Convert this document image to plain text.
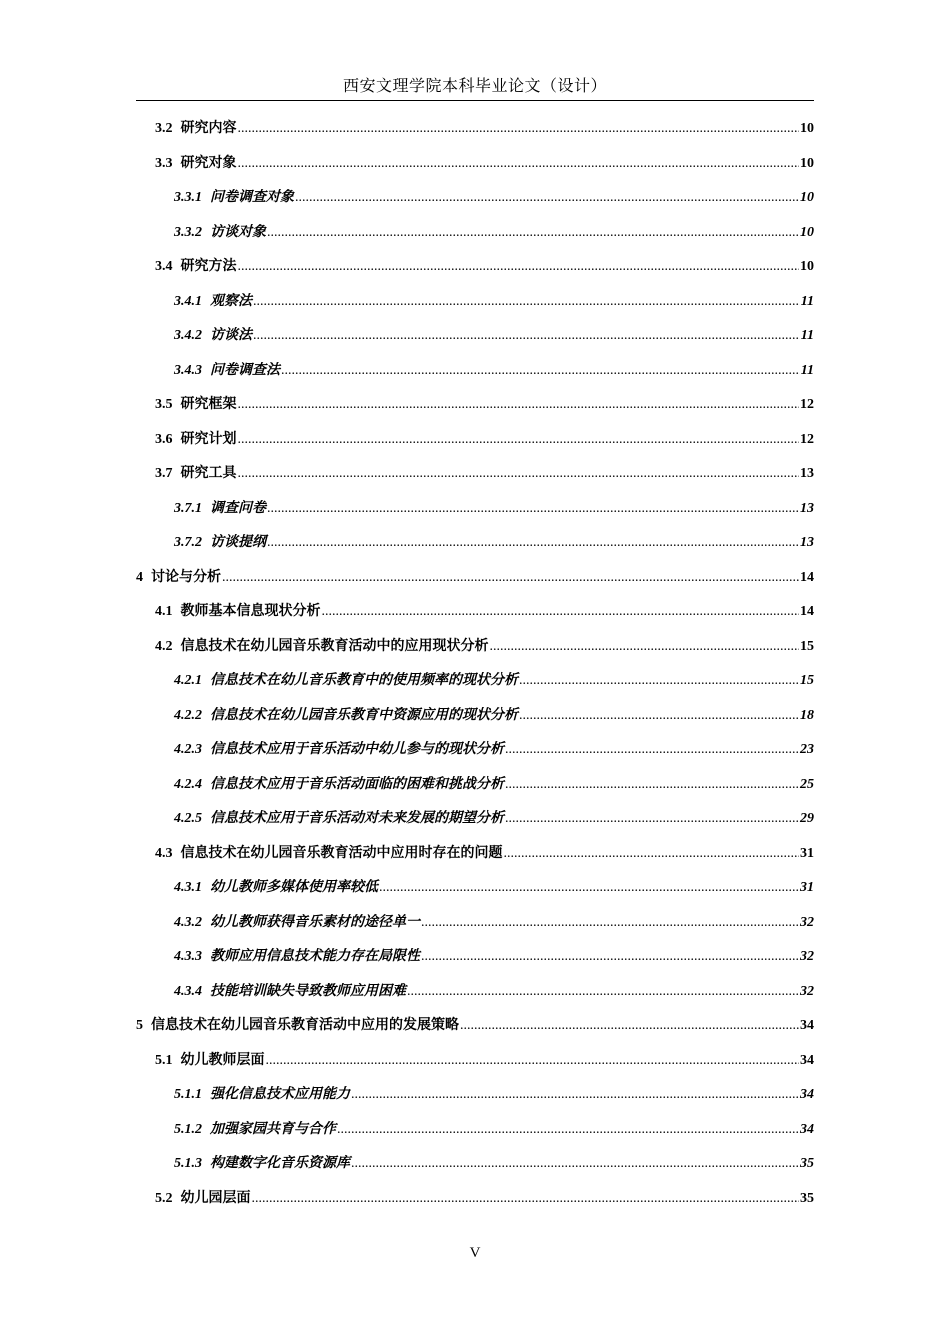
西安文理学院本科毕业论文（设计）
3.2 研究内容 .....	10
3.3 研究对象 .....	10
3.3.1 问卷调查对象 .....	10
3.3.2 访谈对象 .....	10
3.4 研究方法 .....	10
3.4.1 观察法 .....	11
3.4.2 访谈法 .....	11
3.4.3 问卷调查法 .....	11
3.5 研究框架 .....	12
3.6 研究计划 .....	12
3.7 研究工具 .....	13
3.7.1 调查问卷 .....	13
3.7.2 访谈提纲 .....	13
4 讨论与分析 .....	14
4.1 教师基本信息现状分析 .....	14
4.2 信息技术在幼儿园音乐教育活动中的应用现状分析 .....	15
4.2.1 信息技术在幼儿音乐教育中的使用频率的现状分析 .....	15
4.2.2 信息技术在幼儿园音乐教育中资源应用的现状分析 .....	18
4.2.3 信息技术应用于音乐活动中幼儿参与的现状分析 .....	23
4.2.4 信息技术应用于音乐活动面临的困难和挑战分析 .....	25
4.2.5 信息技术应用于音乐活动对未来发展的期望分析 .....	29
4.3 信息技术在幼儿园音乐教育活动中应用时存在的问题 .....	31
4.3.1 幼儿教师多媒体使用率较低 .....	31
4.3.2 幼儿教师获得音乐素材的途径单一 .....	32
4.3.3 教师应用信息技术能力存在局限性 .....	32
4.3.4 技能培训缺失导致教师应用困难 .....	32
5 信息技术在幼儿园音乐教育活动中应用的发展策略 .....	34
5.1 幼儿教师层面 .....	34
5.1.1 强化信息技术应用能力 .....	34
5.1.2 加强家园共育与合作 .....	34
5.1.3 构建数字化音乐资源库 .....	35
5.2 幼儿园层面 .....	35
V
